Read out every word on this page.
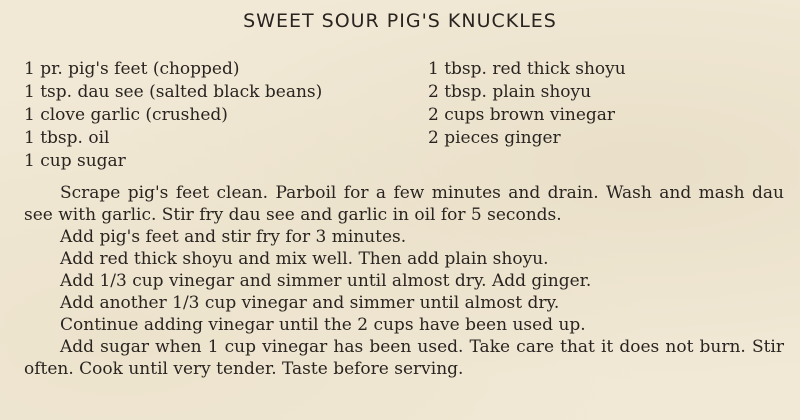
SWEET SOUR PIG'S KNUCKLES
1 pr. pig's feet (chopped)
1 tsp. dau see (salted black beans)
1 clove garlic (crushed)
1 tbsp. oil
1 cup sugar
1 tbsp. red thick shoyu
2 tbsp. plain shoyu
2 cups brown vinegar
2 pieces ginger

Scrape pig's feet clean. Parboil for a few minutes and drain. Wash and mash dau see with garlic. Stir fry dau see and garlic in oil for 5 seconds.

Add pig's feet and stir fry for 3 minutes.

Add red thick shoyu and mix well. Then add plain shoyu.

Add 1/3 cup vinegar and simmer until almost dry. Add ginger.

Add another 1/3 cup vinegar and simmer until almost dry.

Continue adding vinegar until the 2 cups have been used up.

Add sugar when 1 cup vinegar has been used. Take care that it does not burn. Stir often. Cook until very tender. Taste before serving.
